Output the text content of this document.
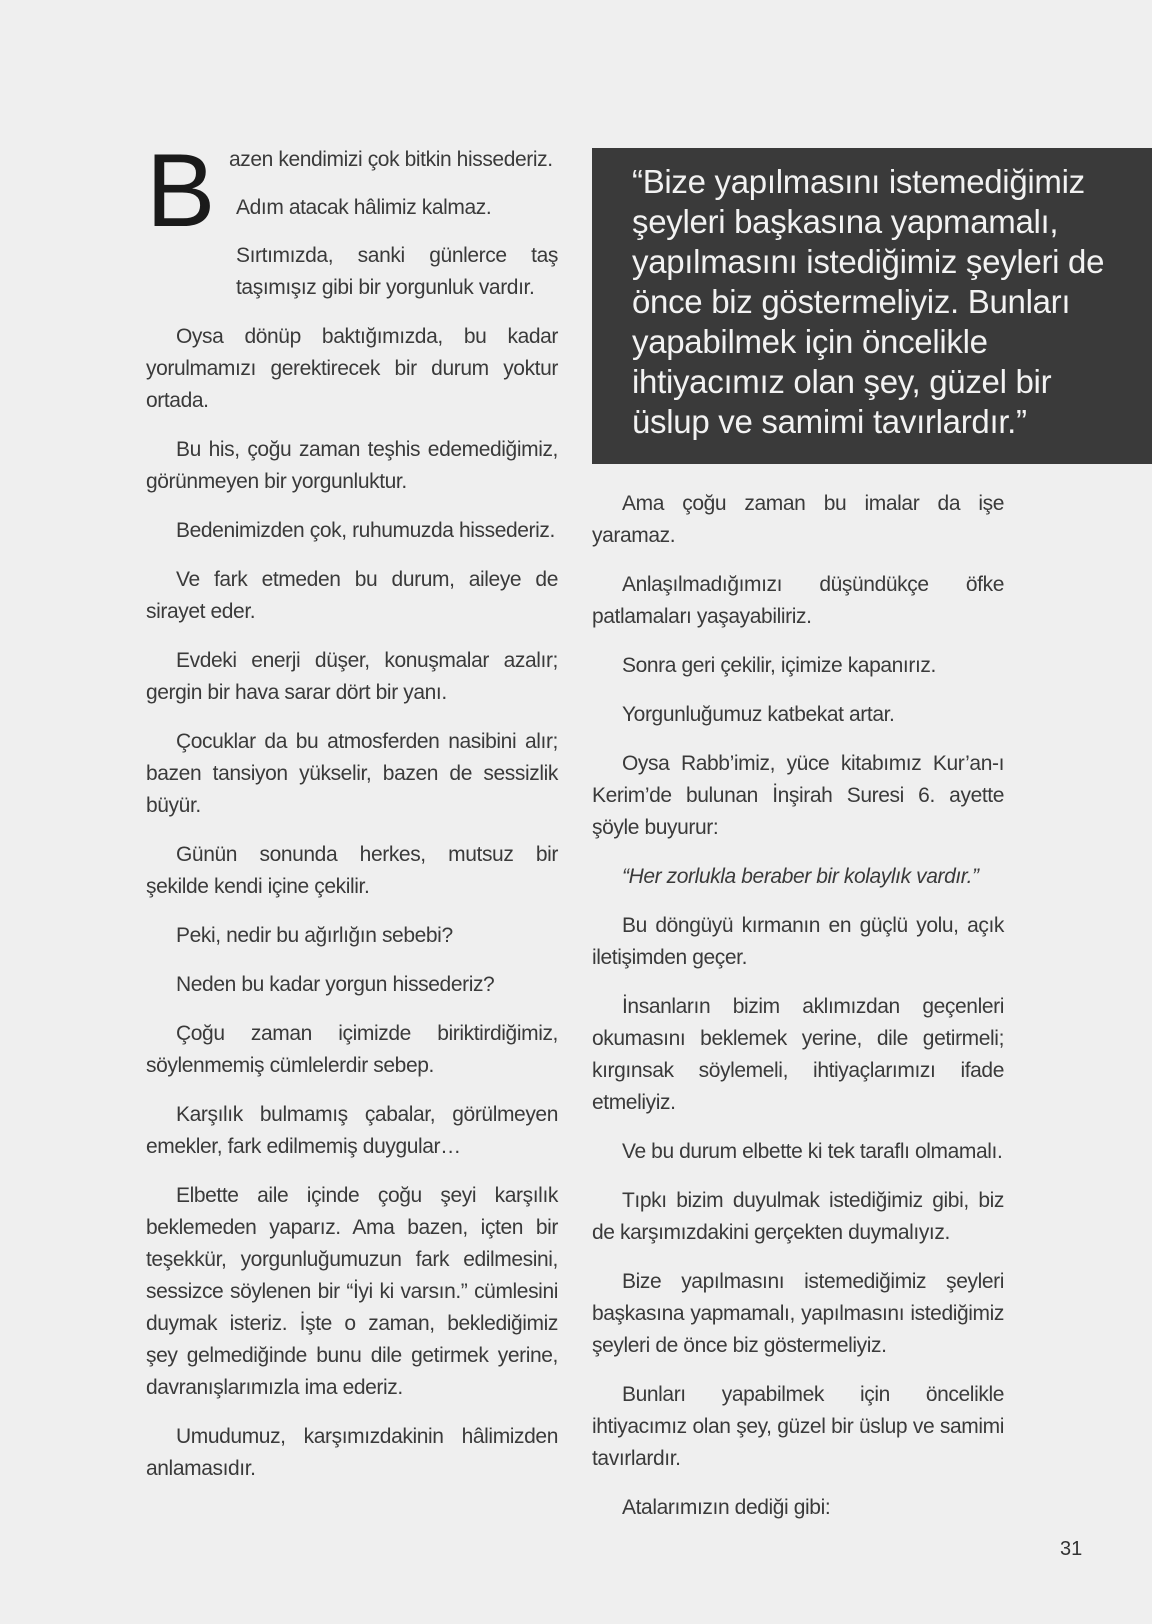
B azen kendimizi çok bitkin hissederiz.
Adım atacak hâlimiz kalmaz.
Sırtımızda, sanki günlerce taş taşımışız gibi bir yorgunluk vardır.

Oysa dönüp baktığımızda, bu kadar yorulmamızı gerektirecek bir durum yoktur ortada.

Bu his, çoğu zaman teşhis edemediğimiz, görünmeyen bir yorgunluktur.

Bedenimizden çok, ruhumuzda hissederiz.

Ve fark etmeden bu durum, aileye de sirayet eder.

Evdeki enerji düşer, konuşmalar azalır; gergin bir hava sarar dört bir yanı.

Çocuklar da bu atmosferden nasibini alır; bazen tansiyon yükselir, bazen de sessizlik büyür.

Günün sonunda herkes, mutsuz bir şekilde kendi içine çekilir.

Peki, nedir bu ağırlığın sebebi?

Neden bu kadar yorgun hissederiz?

Çoğu zaman içimizde biriktirdiğimiz, söylenmemiş cümlelerdir sebep.

Karşılık bulmamış çabalar, görülmeyen emekler, fark edilmemiş duygular…

Elbette aile içinde çoğu şeyi karşılık beklemeden yaparız. Ama bazen, içten bir teşekkür, yorgunluğumuzun fark edilmesini, sessizce söylenen bir “İyi ki varsın.” cümlesini duymak isteriz. İşte o zaman, beklediğimiz şey gelmediğinde bunu dile getirmek yerine, davranışlarımızla ima ederiz.

Umudumuz, karşımızdakinin hâlimizden anlamasıdır.

“Bize yapılmasını istemediğimiz şeyleri başkasına yapmamalı, yapılmasını istediğimiz şeyleri de önce biz göstermeliyiz. Bunları yapabilmek için öncelikle ihtiyacımız olan şey, güzel bir üslup ve samimi tavırlardır.”

Ama çoğu zaman bu imalar da işe yaramaz.

Anlaşılmadığımızı düşündükçe öfke patlamaları yaşayabiliriz.

Sonra geri çekilir, içimize kapanırız.

Yorgunluğumuz katbekat artar.

Oysa Rabb’imiz, yüce kitabımız Kur’an-ı Kerim’de bulunan İnşirah Suresi 6. ayette şöyle buyurur:

“Her zorlukla beraber bir kolaylık vardır.”

Bu döngüyü kırmanın en güçlü yolu, açık iletişimden geçer.

İnsanların bizim aklımızdan geçenleri okumasını beklemek yerine, dile getirmeli; kırgınsak söylemeli, ihtiyaçlarımızı ifade etmeliyiz.

Ve bu durum elbette ki tek taraflı olmamalı.

Tıpkı bizim duyulmak istediğimiz gibi, biz de karşımızdakini gerçekten duymalıyız.

Bize yapılmasını istemediğimiz şeyleri başkasına yapmamalı, yapılmasını istediğimiz şeyleri de önce biz göstermeliyiz.

Bunları yapabilmek için öncelikle ihtiyacımız olan şey, güzel bir üslup ve samimi tavırlardır.

Atalarımızın dediği gibi:

31
